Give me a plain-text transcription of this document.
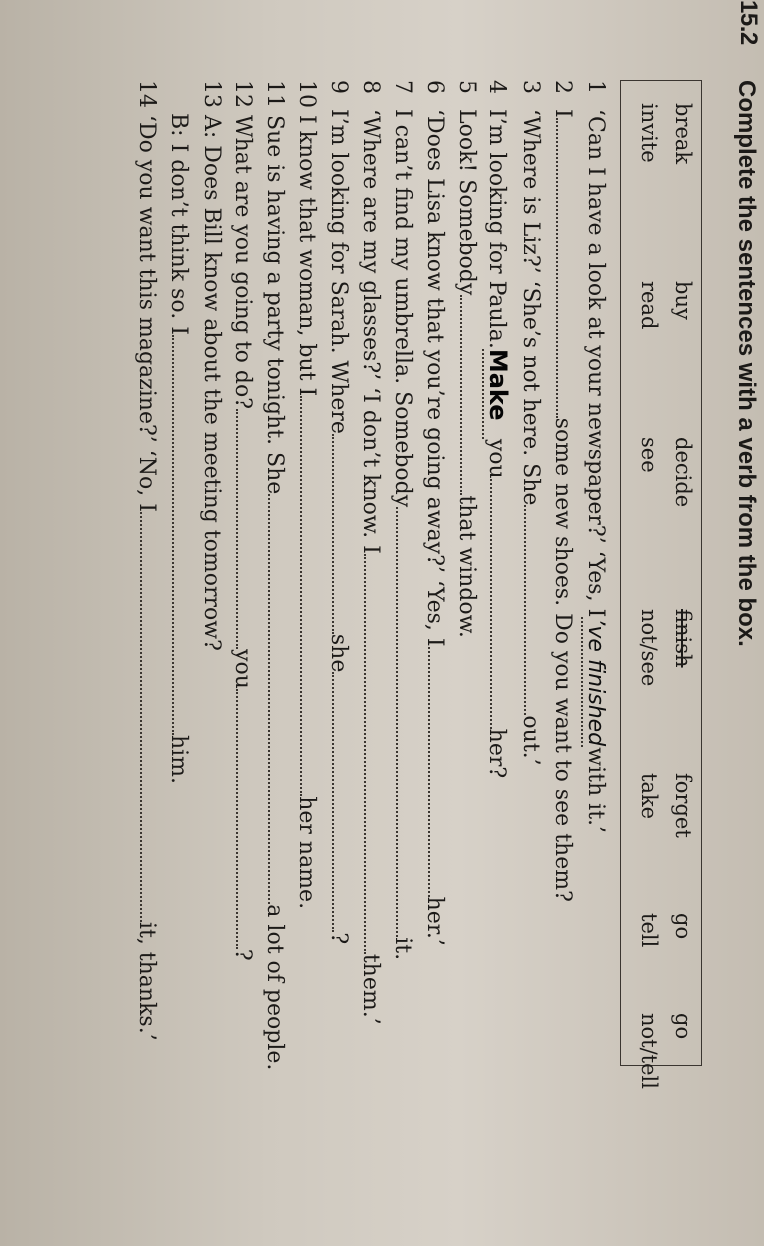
15.2
Complete the sentences with a verb from the box.
break
buy
decide
finish
forget
go
go
invite
read
see
not/see
take
tell
not/tell
1 ‘Can I have a look at your newspaper?’ ‘Yes, I’ve finishedwith it.’
2 Isome new shoes. Do you want to see them?
3 ‘Where is Liz?’ ‘She’s not here. Sheout.’
4 I’m looking for Paula.Makeyouher?
5 Look! Somebodythat window.
6 ‘Does Lisa know that you’re going away?’ ‘Yes, Iher.’
7 I can’t find my umbrella. Somebodyit.
8 ‘Where are my glasses?’ ‘I don’t know. Ithem.’
9 I’m looking for Sarah. Whereshe?
10 I know that woman, but Iher name.
11 Sue is having a party tonight. Shea lot of people.
12 What are you going to do?you?
13 A: Does Bill know about the meeting tomorrow?
B: I don’t think so. Ihim.
14 ‘Do you want this magazine?’ ‘No, Iit, thanks.’
